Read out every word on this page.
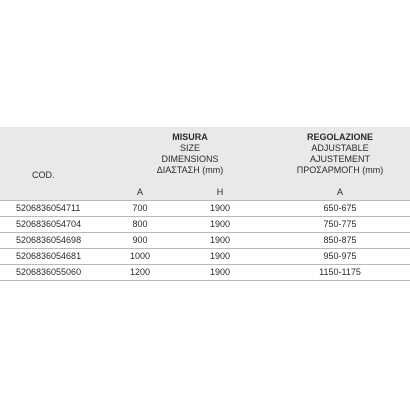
COD.	MISURA
SIZE
DIMENSIONS
ΔΙΑΣΤΑΣΗ (mm)		REGOLAZIONE
ADJUSTABLE
AJUSTEMENT
ΠΡΟΣΑΡΜΟΓΗ (mm)

	A	H	A
5206836054711	700	1900	650-675
5206836054704	800	1900	750-775
5206836054698	900	1900	850-875
5206836054681	1000	1900	950-975
5206836055060	1200	1900	1150-1175
